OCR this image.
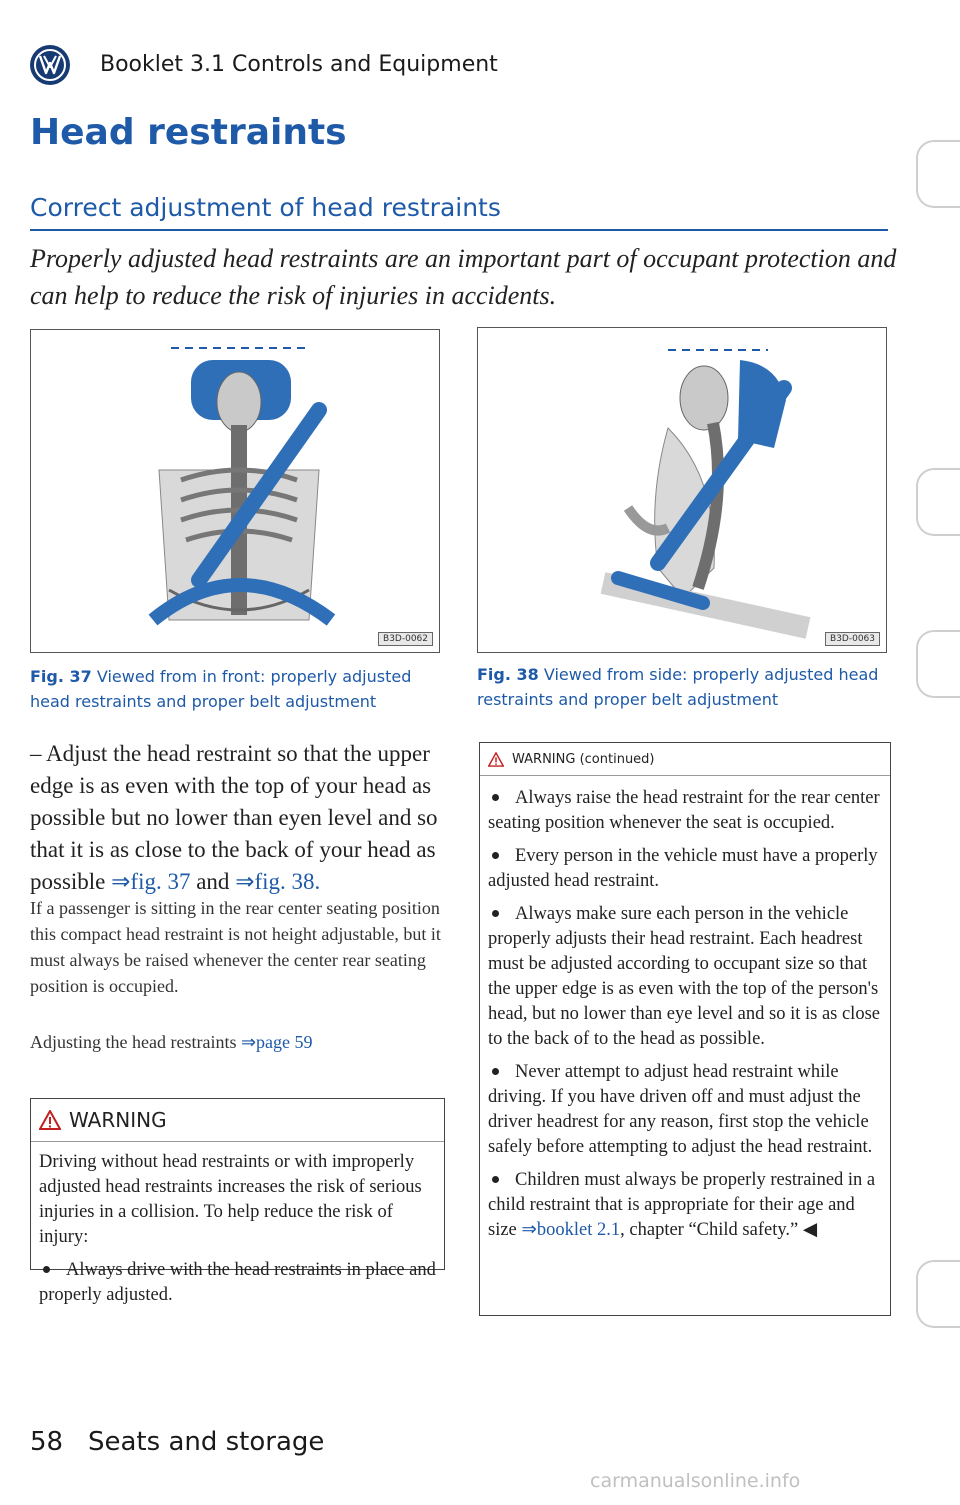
Booklet 3.1 Controls and Equipment
Head restraints
Correct adjustment of head restraints

Properly adjusted head restraints are an important part of occupant protection and can help to reduce the risk of injuries in accidents.

B3D-0062

Fig. 37 Viewed from in front: properly adjusted head restraints and proper belt adjustment

B3D-0063

Fig. 38 Viewed from side: properly adjusted head restraints and proper belt adjustment

– Adjust the head restraint so that the upper edge is as even with the top of your head as possible but no lower than eyen level and so that it is as close to the back of your head as possible ⇒fig. 37 and ⇒fig. 38.

If a passenger is sitting in the rear center seating position this compact head restraint is not height adjustable, but it must always be raised whenever the center rear seating position is occupied.

Adjusting the head restraints ⇒page 59

WARNING

Driving without head restraints or with improperly adjusted head restraints increases the risk of serious injuries in a collision. To help reduce the risk of injury:

Always drive with the head restraints in place and properly adjusted.

WARNING (continued)

Always raise the head restraint for the rear center seating position whenever the seat is occupied.

Every person in the vehicle must have a properly adjusted head restraint.

Always make sure each person in the vehicle properly adjusts their head restraint. Each headrest must be adjusted according to occupant size so that the upper edge is as even with the top of the person's head, but no lower than eye level and so it is as close to the back of to the head as possible.

Never attempt to adjust head restraint while driving. If you have driven off and must adjust the driver headrest for any reason, first stop the vehicle safely before attempting to adjust the head restraint.

Children must always be properly restrained in a child restraint that is appropriate for their age and size ⇒booklet 2.1, chapter “Child safety.” ◀

58 Seats and storage
carmanualsonline.info
